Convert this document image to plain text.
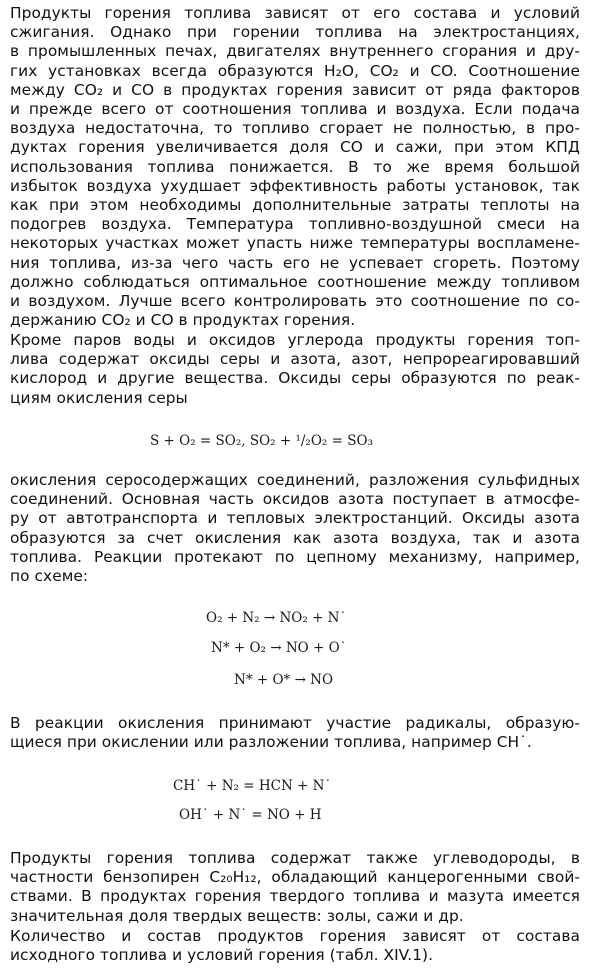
Продукты горения топлива зависят от его состава и условий
сжигания. Однако при горении топлива на электростанциях,
в промышленных печах, двигателях внутреннего сгорания и дру-
гих установках всегда образуются H₂O, CO₂ и CO. Соотношение
между CO₂ и CO в продуктах горения зависит от ряда факторов
и прежде всего от соотношения топлива и воздуха. Если подача
воздуха недостаточна, то топливо сгорает не полностью, в про-
дуктах горения увеличивается доля CO и сажи, при этом КПД
использования топлива понижается. В то же время большой
избыток воздуха ухудшает эффективность работы установок, так
как при этом необходимы дополнительные затраты теплоты на
подогрев воздуха. Температура топливно-воздушной смеси на
некоторых участках может упасть ниже температуры воспламене-
ния топлива, из-за чего часть его не успевает сгореть. Поэтому
должно соблюдаться оптимальное соотношение между топливом
и воздухом. Лучше всего контролировать это соотношение по со-
держанию CO₂ и CO в продуктах горения.
Кроме паров воды и оксидов углерода продукты горения топ-
лива содержат оксиды серы и азота, азот, непрореагировавший
кислород и другие вещества. Оксиды серы образуются по реак-
циям окисления серы
S + O₂ = SO₂, SO₂ + ¹/₂O₂ = SO₃
окисления серосодержащих соединений, разложения сульфидных
соединений. Основная часть оксидов азота поступает в атмосфе-
ру от автотранспорта и тепловых электростанций. Оксиды азота
образуются за счет окисления как азота воздуха, так и азота
топлива. Реакции протекают по цепному механизму, например,
по схеме:
O₂ + N₂ → NO₂ + N˙
N* + O₂ → NO + O˙
N* + O* → NO
В реакции окисления принимают участие радикалы, образую-
щиеся при окислении или разложении топлива, например CH˙.
CH˙ + N₂ = HCN + N˙
OH˙ + N˙ = NO + H
Продукты горения топлива содержат также углеводороды, в
частности бензопирен C₂₀H₁₂, обладающий канцерогенными свой-
ствами. В продуктах горения твердого топлива и мазута имеется
значительная доля твердых веществ: золы, сажи и др.
Количество и состав продуктов горения зависят от состава
исходного топлива и условий горения (табл. XIV.1).
